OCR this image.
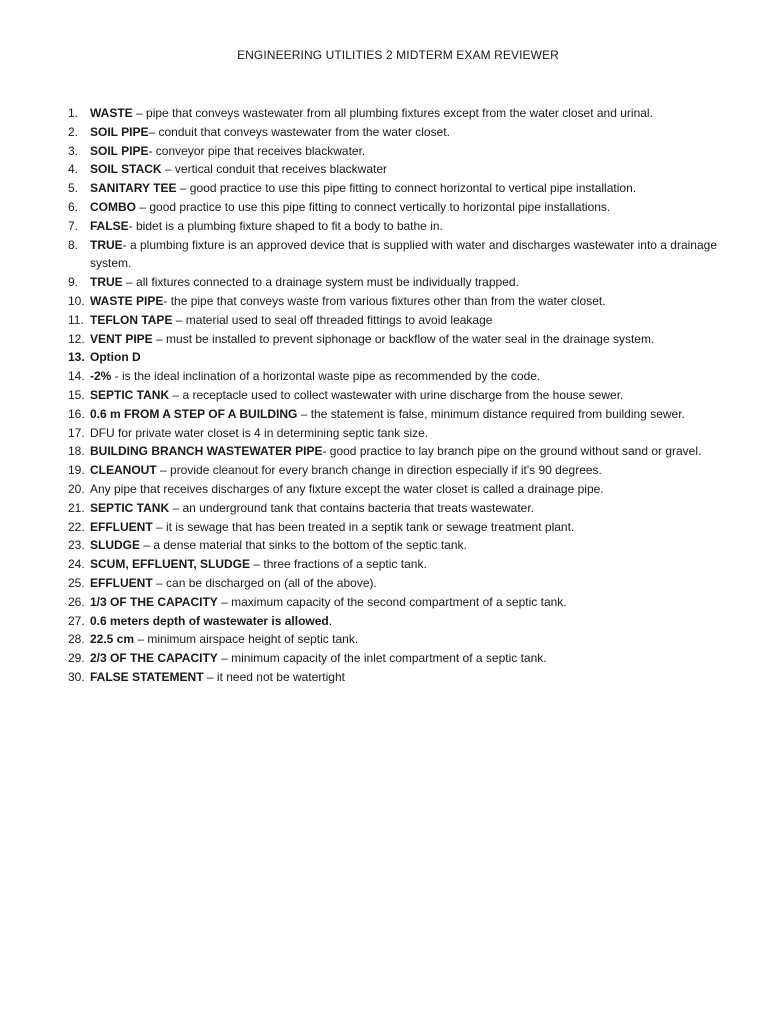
ENGINEERING UTILITIES 2 MIDTERM EXAM REVIEWER
1. WASTE – pipe that conveys wastewater from all plumbing fixtures except from the water closet and urinal.
2. SOIL PIPE– conduit that conveys wastewater from the water closet.
3. SOIL PIPE- conveyor pipe that receives blackwater.
4. SOIL STACK – vertical conduit that receives blackwater
5. SANITARY TEE – good practice to use this pipe fitting to connect horizontal to vertical pipe installation.
6. COMBO – good practice to use this pipe fitting to connect vertically to horizontal pipe installations.
7. FALSE- bidet is a plumbing fixture shaped to fit a body to bathe in.
8. TRUE- a plumbing fixture is an approved device that is supplied with water and discharges wastewater into a drainage system.
9. TRUE – all fixtures connected to a drainage system must be individually trapped.
10. WASTE PIPE- the pipe that conveys waste from various fixtures other than from the water closet.
11. TEFLON TAPE – material used to seal off threaded fittings to avoid leakage
12. VENT PIPE – must be installed to prevent siphonage or backflow of the water seal in the drainage system.
13. Option D
14. -2% - is the ideal inclination of a horizontal waste pipe as recommended by the code.
15. SEPTIC TANK – a receptacle used to collect wastewater with urine discharge from the house sewer.
16. 0.6 m FROM A STEP OF A BUILDING – the statement is false, minimum distance required from building sewer.
17. DFU for private water closet is 4 in determining septic tank size.
18. BUILDING BRANCH WASTEWATER PIPE- good practice to lay branch pipe on the ground without sand or gravel.
19. CLEANOUT – provide cleanout for every branch change in direction especially if it's 90 degrees.
20. Any pipe that receives discharges of any fixture except the water closet is called a drainage pipe.
21. SEPTIC TANK – an underground tank that contains bacteria that treats wastewater.
22. EFFLUENT – it is sewage that has been treated in a septik tank or sewage treatment plant.
23. SLUDGE – a dense material that sinks to the bottom of the septic tank.
24. SCUM, EFFLUENT, SLUDGE – three fractions of a septic tank.
25. EFFLUENT – can be discharged on (all of the above).
26. 1/3 OF THE CAPACITY – maximum capacity of the second compartment of a septic tank.
27. 0.6 meters depth of wastewater is allowed.
28. 22.5 cm – minimum airspace height of septic tank.
29. 2/3 OF THE CAPACITY – minimum capacity of the inlet compartment of a septic tank.
30. FALSE STATEMENT – it need not be watertight
